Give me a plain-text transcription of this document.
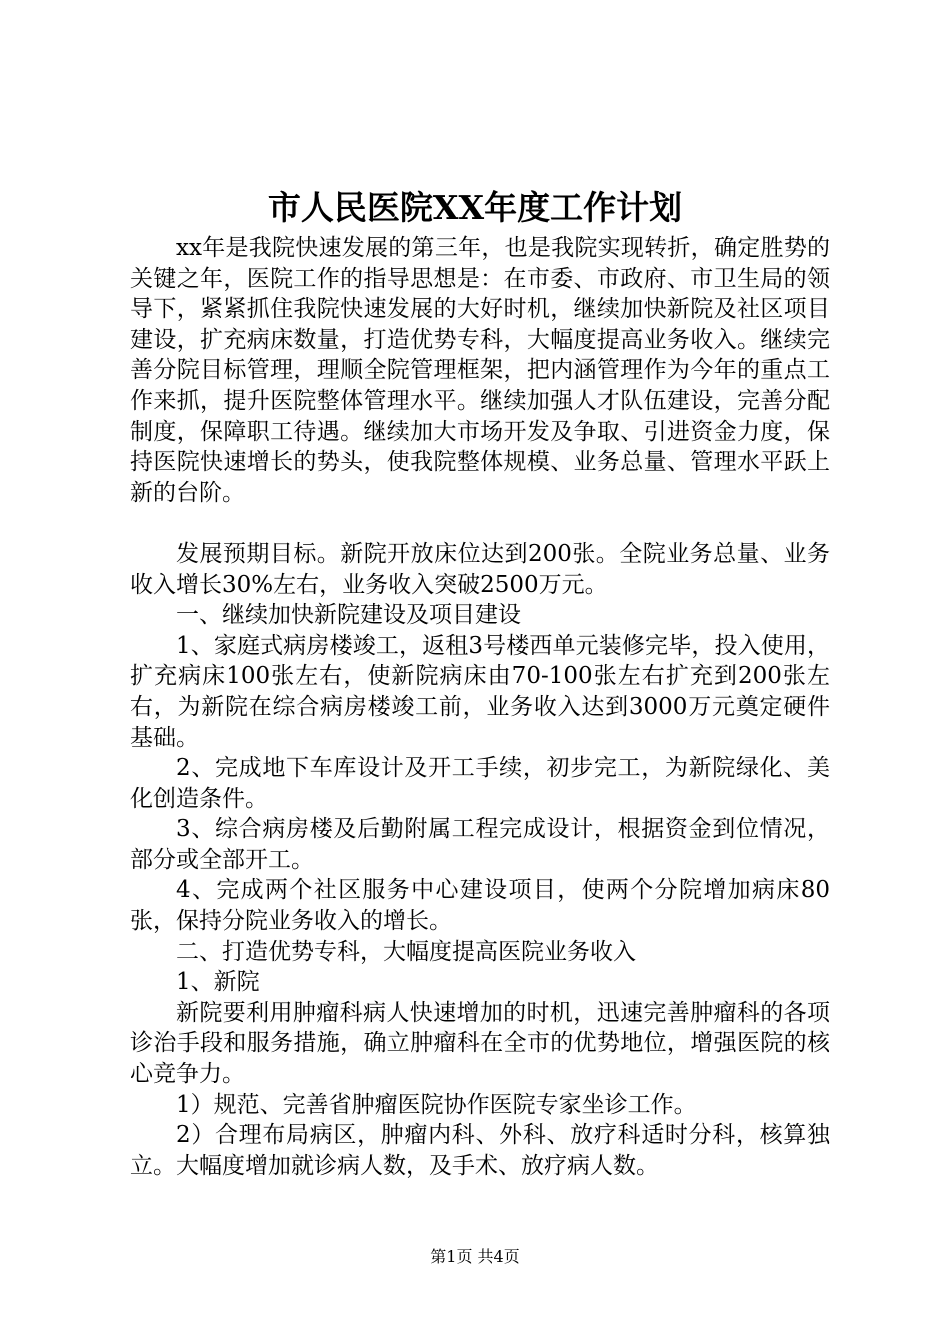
市人民医院XX年度工作计划

xx年是我院快速发展的第三年，也是我院实现转折，确定胜势的关键之年，医院工作的指导思想是：在市委、市政府、市卫生局的领导下，紧紧抓住我院快速发展的大好时机，继续加快新院及社区项目建设，扩充病床数量，打造优势专科，大幅度提高业务收入。继续完善分院目标管理，理顺全院管理框架，把内涵管理作为今年的重点工作来抓，提升医院整体管理水平。继续加强人才队伍建设，完善分配制度，保障职工待遇。继续加大市场开发及争取、引进资金力度，保持医院快速增长的势头，使我院整体规模、业务总量、管理水平跃上新的台阶。

发展预期目标。新院开放床位达到200张。全院业务总量、业务收入增长30%左右，业务收入突破2500万元。

一、继续加快新院建设及项目建设

1、家庭式病房楼竣工，返租3号楼西单元装修完毕，投入使用，扩充病床100张左右，使新院病床由70-100张左右扩充到200张左右，为新院在综合病房楼竣工前，业务收入达到3000万元奠定硬件基础。

2、完成地下车库设计及开工手续，初步完工，为新院绿化、美化创造条件。

3、综合病房楼及后勤附属工程完成设计，根据资金到位情况，部分或全部开工。

4、完成两个社区服务中心建设项目，使两个分院增加病床80张，保持分院业务收入的增长。

二、打造优势专科，大幅度提高医院业务收入

1、新院

新院要利用肿瘤科病人快速增加的时机，迅速完善肿瘤科的各项诊治手段和服务措施，确立肿瘤科在全市的优势地位，增强医院的核心竞争力。

1）规范、完善省肿瘤医院协作医院专家坐诊工作。

2）合理布局病区，肿瘤内科、外科、放疗科适时分科，核算独立。大幅度增加就诊病人数，及手术、放疗病人数。

第1页 共4页
